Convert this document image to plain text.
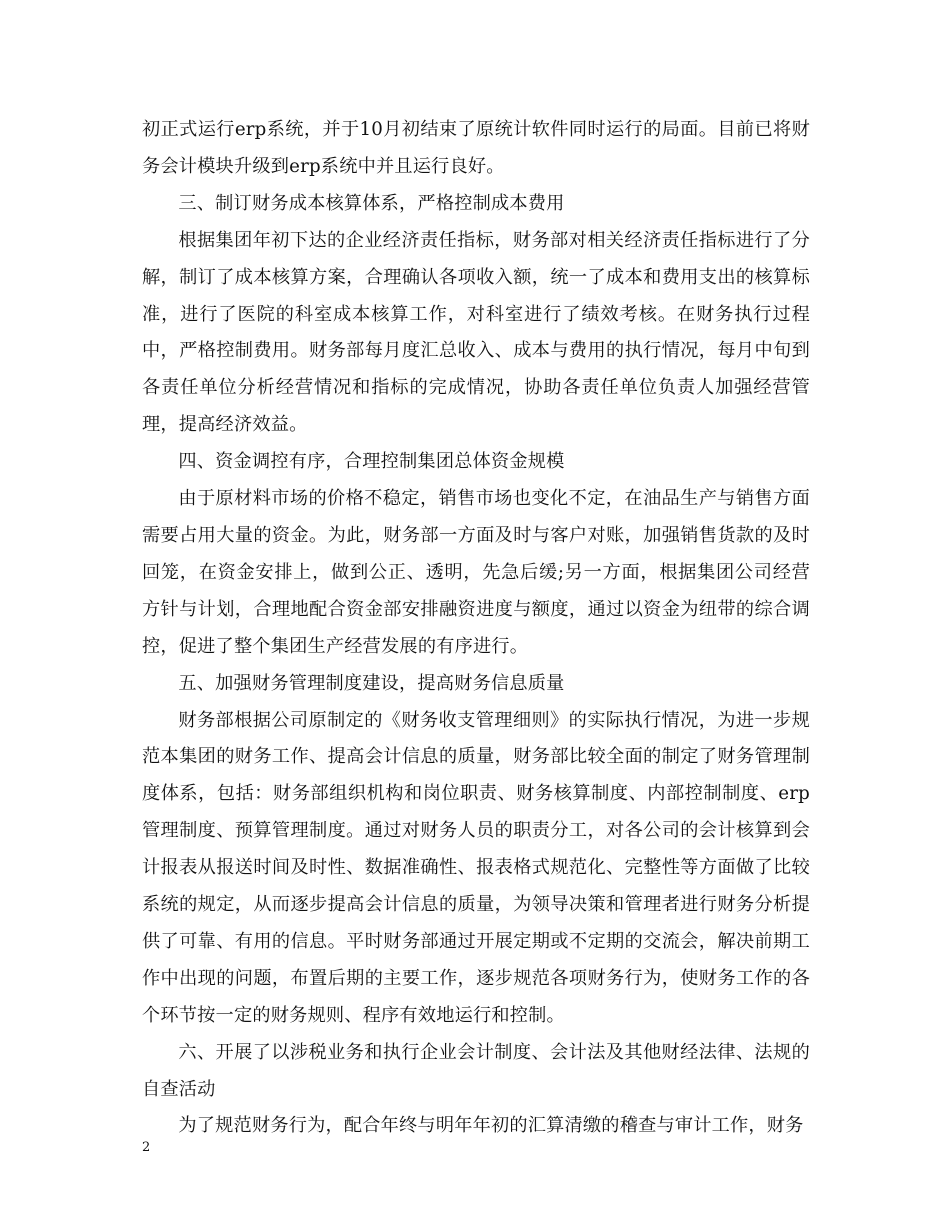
初正式运行erp系统，并于10月初结束了原统计软件同时运行的局面。目前已将财务会计模块升级到erp系统中并且运行良好。

三、制订财务成本核算体系，严格控制成本费用

根据集团年初下达的企业经济责任指标，财务部对相关经济责任指标进行了分解，制订了成本核算方案，合理确认各项收入额，统一了成本和费用支出的核算标准，进行了医院的科室成本核算工作，对科室进行了绩效考核。在财务执行过程中，严格控制费用。财务部每月度汇总收入、成本与费用的执行情况，每月中旬到各责任单位分析经营情况和指标的完成情况，协助各责任单位负责人加强经营管理，提高经济效益。

四、资金调控有序，合理控制集团总体资金规模

由于原材料市场的价格不稳定，销售市场也变化不定，在油品生产与销售方面需要占用大量的资金。为此，财务部一方面及时与客户对账，加强销售货款的及时回笼，在资金安排上，做到公正、透明，先急后缓;另一方面，根据集团公司经营方针与计划，合理地配合资金部安排融资进度与额度，通过以资金为纽带的综合调控，促进了整个集团生产经营发展的有序进行。

五、加强财务管理制度建设，提高财务信息质量

财务部根据公司原制定的《财务收支管理细则》的实际执行情况，为进一步规范本集团的财务工作、提高会计信息的质量，财务部比较全面的制定了财务管理制度体系，包括：财务部组织机构和岗位职责、财务核算制度、内部控制制度、erp管理制度、预算管理制度。通过对财务人员的职责分工，对各公司的会计核算到会计报表从报送时间及时性、数据准确性、报表格式规范化、完整性等方面做了比较系统的规定，从而逐步提高会计信息的质量，为领导决策和管理者进行财务分析提供了可靠、有用的信息。平时财务部通过开展定期或不定期的交流会，解决前期工作中出现的问题，布置后期的主要工作，逐步规范各项财务行为，使财务工作的各个环节按一定的财务规则、程序有效地运行和控制。

六、开展了以涉税业务和执行企业会计制度、会计法及其他财经法律、法规的自查活动

为了规范财务行为，配合年终与明年年初的汇算清缴的稽查与审计工作，财务

2
